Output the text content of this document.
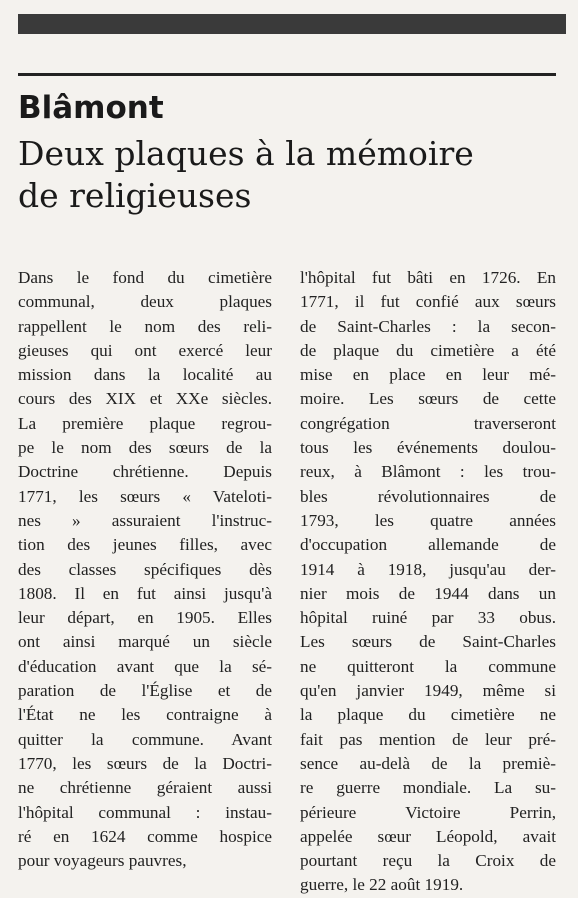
Blâmont
Deux plaques à la mémoire
de religieuses
Dans le fond du cimetière
communal, deux plaques
rappellent le nom des reli-
gieuses qui ont exercé leur
mission dans la localité au
cours des XIX et XXe siècles.
La première plaque regrou-
pe le nom des sœurs de la
Doctrine chrétienne. Depuis
1771, les sœurs « Vateloti-
nes » assuraient l'instruc-
tion des jeunes filles, avec
des classes spécifiques dès
1808. Il en fut ainsi jusqu'à
leur départ, en 1905. Elles
ont ainsi marqué un siècle
d'éducation avant que la sé-
paration de l'Église et de
l'État ne les contraigne à
quitter la commune. Avant
1770, les sœurs de la Doctri-
ne chrétienne géraient aussi
l'hôpital communal : instau-
ré en 1624 comme hospice
pour voyageurs pauvres,
l'hôpital fut bâti en 1726. En
1771, il fut confié aux sœurs
de Saint-Charles : la secon-
de plaque du cimetière a été
mise en place en leur mé-
moire. Les sœurs de cette
congrégation traverseront
tous les événements doulou-
reux, à Blâmont : les trou-
bles révolutionnaires de
1793, les quatre années
d'occupation allemande de
1914 à 1918, jusqu'au der-
nier mois de 1944 dans un
hôpital ruiné par 33 obus.
Les sœurs de Saint-Charles
ne quitteront la commune
qu'en janvier 1949, même si
la plaque du cimetière ne
fait pas mention de leur pré-
sence au-delà de la premiè-
re guerre mondiale. La su-
périeure Victoire Perrin,
appelée sœur Léopold, avait
pourtant reçu la Croix de
guerre, le 22 août 1919.
